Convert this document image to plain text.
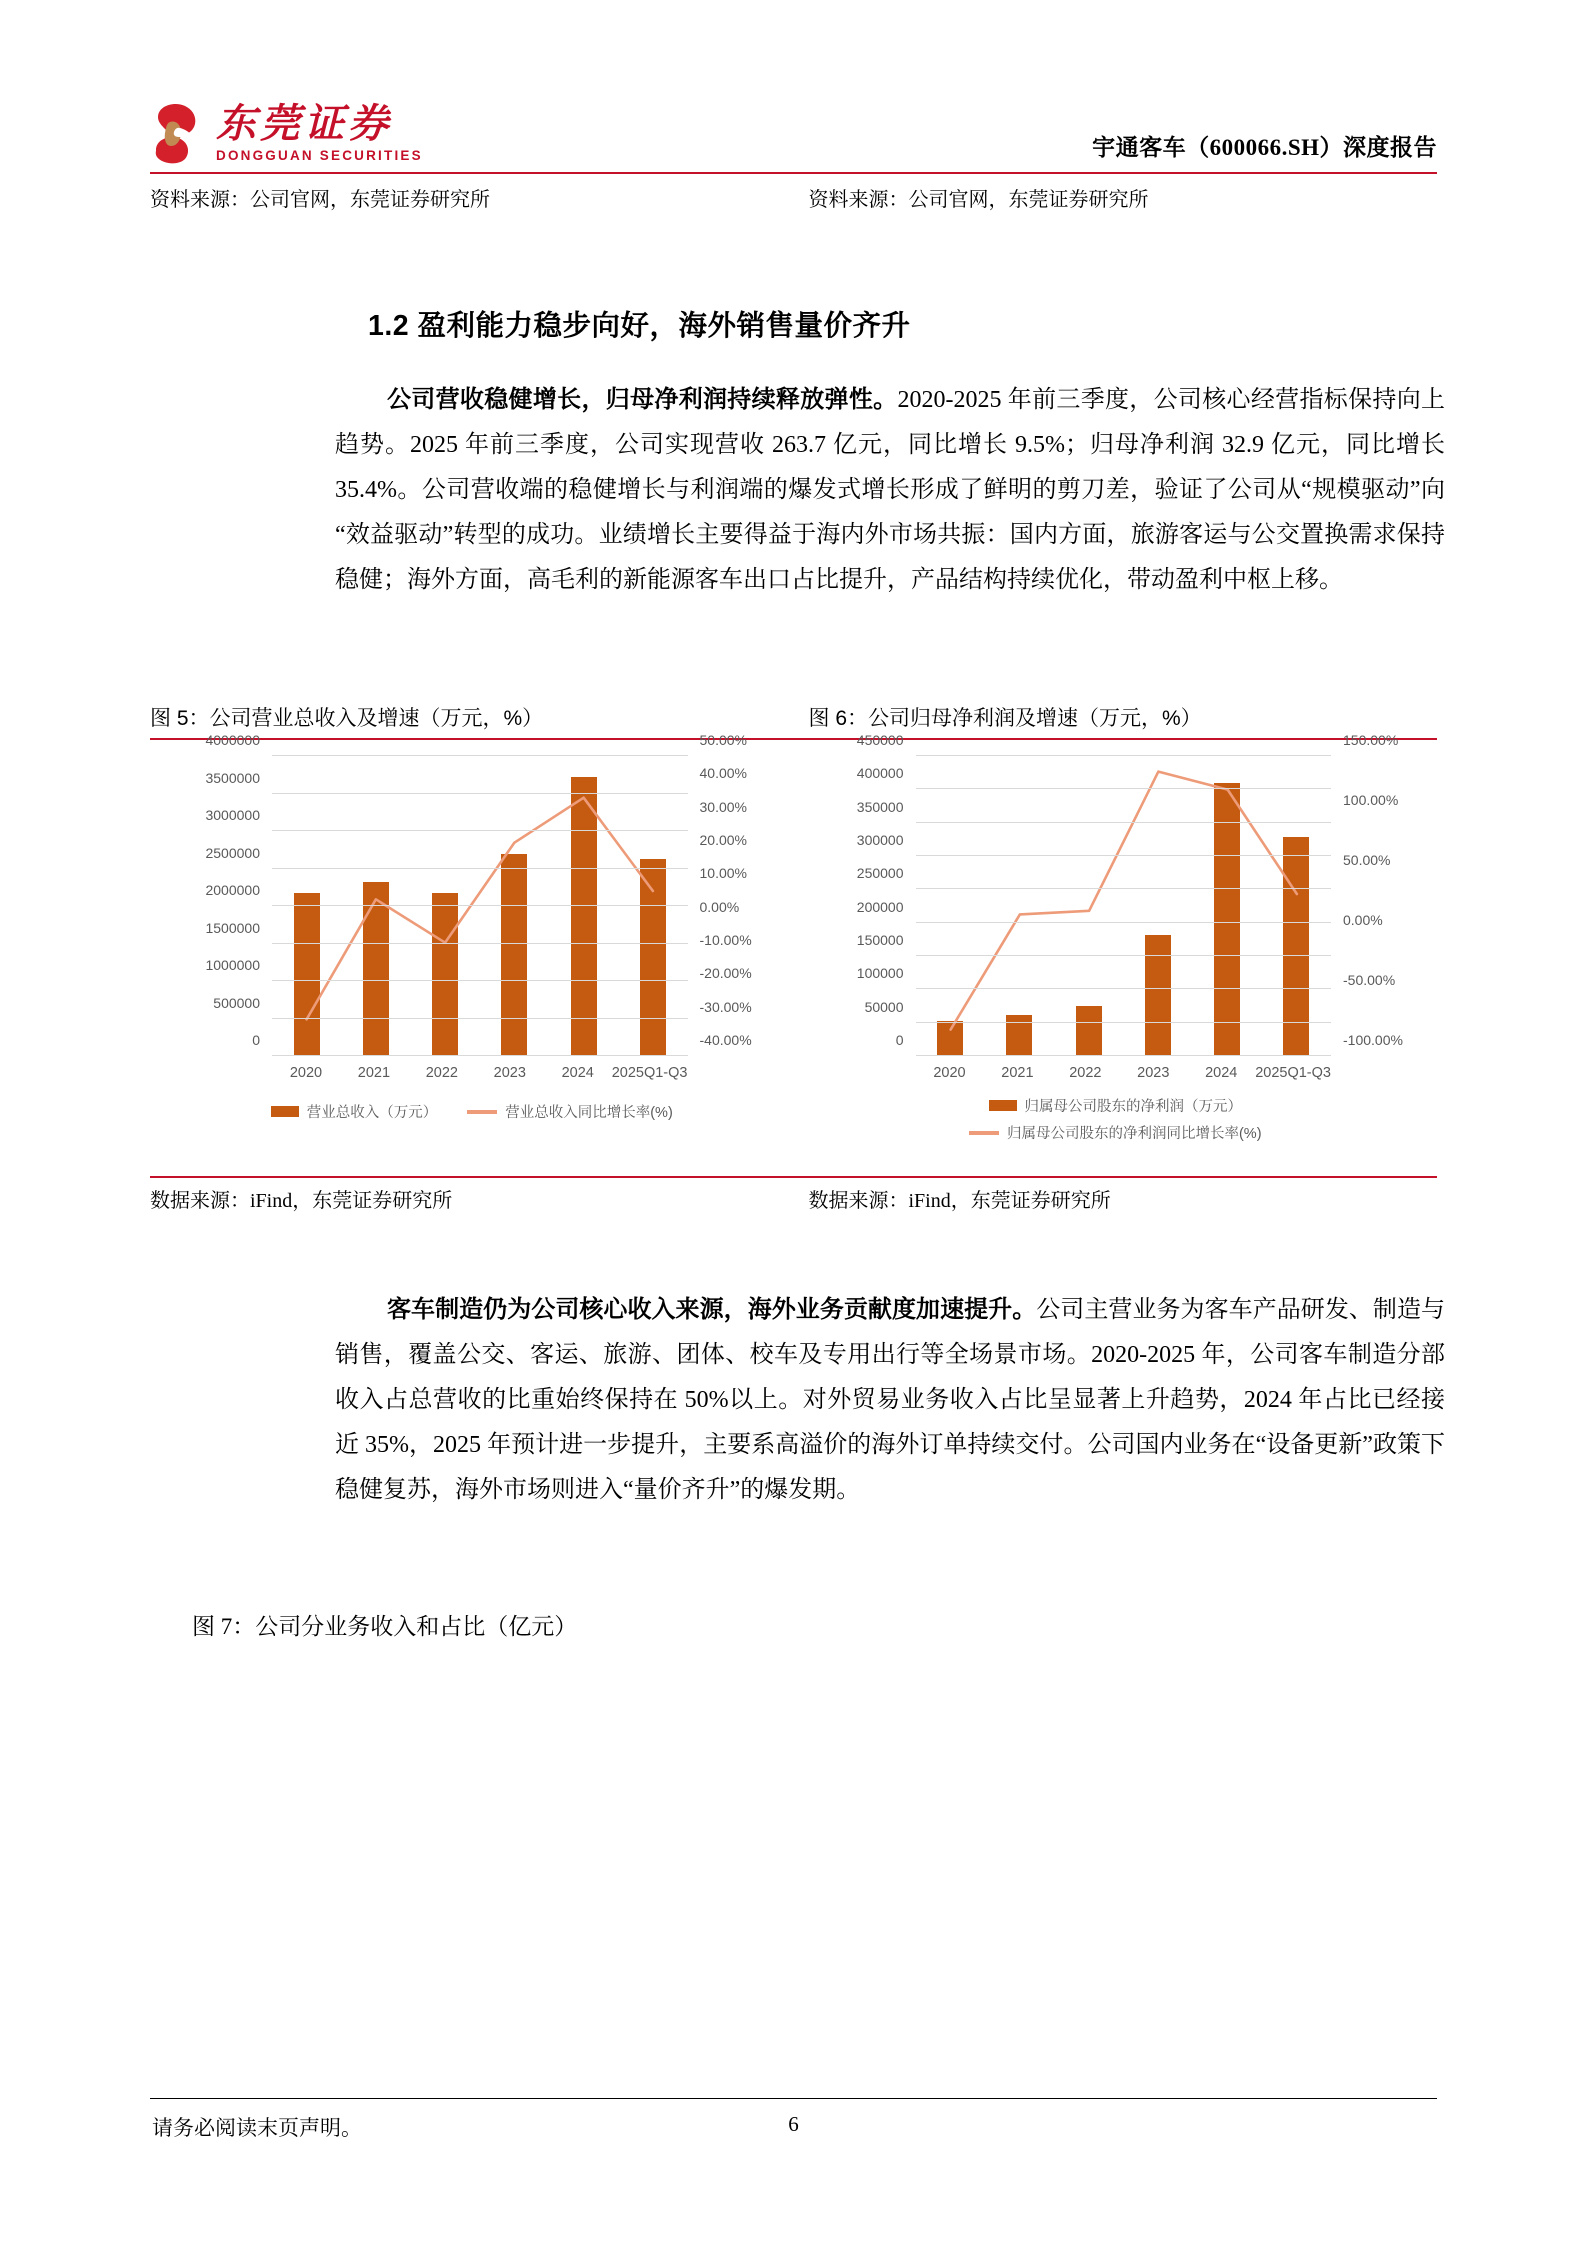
东莞证券
DONGGUAN SECURITIES	宇通客车（600066.SH）深度报告
资料来源：公司官网，东莞证券研究所	资料来源：公司官网，东莞证券研究所
1.2 盈利能力稳步向好，海外销售量价齐升
公司营收稳健增长，归母净利润持续释放弹性。2020-2025 年前三季度，公司核心经营指标保持向上趋势。2025 年前三季度，公司实现营收 263.7 亿元，同比增长 9.5%；归母净利润 32.9 亿元，同比增长 35.4%。公司营收端的稳健增长与利润端的爆发式增长形成了鲜明的剪刀差，验证了公司从“规模驱动”向“效益驱动”转型的成功。业绩增长主要得益于海内外市场共振：国内方面，旅游客运与公交置换需求保持稳健；海外方面，高毛利的新能源客车出口占比提升，产品结构持续优化，带动盈利中枢上移。
图 5：公司营业总收入及增速（万元，%）	图 6：公司归母净利润及增速（万元，%）
0
500000
1000000
1500000
2000000
2500000
3000000
3500000
4000000
-40.00%
-30.00%
-20.00%
-10.00%
0.00%
10.00%
20.00%
30.00%
40.00%
50.00%
2020	2021	2022	2023	2024	2025Q1-Q3
营业总收入（万元）	营业总收入同比增长率(%)
0
50000
100000
150000
200000
250000
300000
350000
400000
450000
-100.00%
-50.00%
0.00%
50.00%
100.00%
150.00%
2020	2021	2022	2023	2024	2025Q1-Q3
归属母公司股东的净利润（万元）
归属母公司股东的净利润同比增长率(%)
数据来源：iFind，东莞证券研究所	数据来源：iFind，东莞证券研究所
客车制造仍为公司核心收入来源，海外业务贡献度加速提升。公司主营业务为客车产品研发、制造与销售，覆盖公交、客运、旅游、团体、校车及专用出行等全场景市场。2020-2025 年，公司客车制造分部收入占总营收的比重始终保持在 50%以上。对外贸易业务收入占比呈显著上升趋势，2024 年占比已经接近 35%，2025 年预计进一步提升，主要系高溢价的海外订单持续交付。公司国内业务在“设备更新”政策下稳健复苏，海外市场则进入“量价齐升”的爆发期。
图 7：公司分业务收入和占比（亿元）
请务必阅读末页声明。	6
